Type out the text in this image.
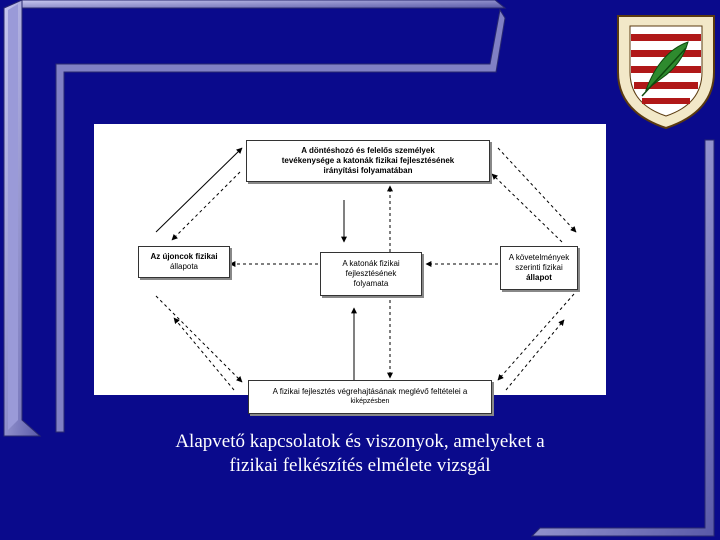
A döntéshozó és felelős személyek
tevékenysége a katonák fizikai fejlesztésének
irányítási folyamatában
Az újoncok fizikai
állapota	A katonák fizikai
fejlesztésének
folyamata
A követelmények
szerinti fizikai
állapot
A fizikai fejlesztés végrehajtásának meglévő feltételei a
kiképzésben
Alapvető kapcsolatok és viszonyok, amelyeket a
fizikai felkészítés elmélete vizsgál
